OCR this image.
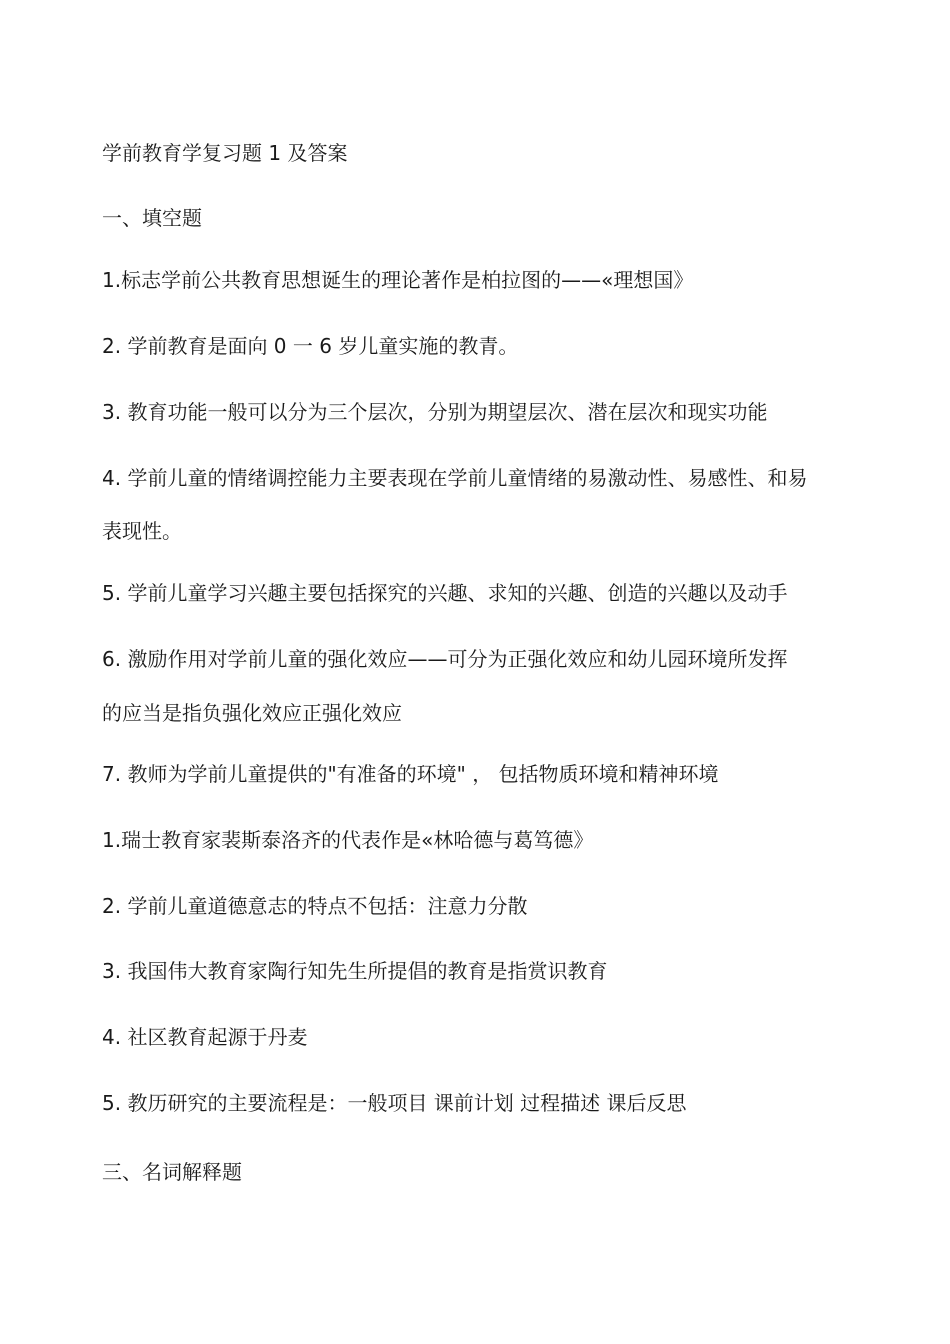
学前教育学复习题 1 及答案
一、填空题
1.标志学前公共教育思想诞生的理论著作是柏拉图的——«理想国》
2. 学前教育是面向 0 一 6 岁儿童实施的教青。
3. 教育功能一般可以分为三个层次，分别为期望层次、潜在层次和现实功能
4. 学前儿童的情绪调控能力主要表现在学前儿童情绪的易激动性、易感性、和易
表现性。
5. 学前儿童学习兴趣主要包括探究的兴趣、求知的兴趣、创造的兴趣以及动手
6. 激励作用对学前儿童的强化效应——可分为正强化效应和幼儿园环境所发挥
的应当是指负强化效应正强化效应
7. 教师为学前儿童提供的"有准备的环境" ， 包括物质环境和精神环境
1.瑞士教育家裴斯泰洛齐的代表作是«林哈德与葛笃德》
2. 学前儿童道德意志的特点不包括：注意力分散
3. 我国伟大教育家陶行知先生所提倡的教育是指赏识教育
4. 社区教育起源于丹麦
5. 教历研究的主要流程是：一般项目 课前计划 过程描述 课后反思
三、名词解释题
